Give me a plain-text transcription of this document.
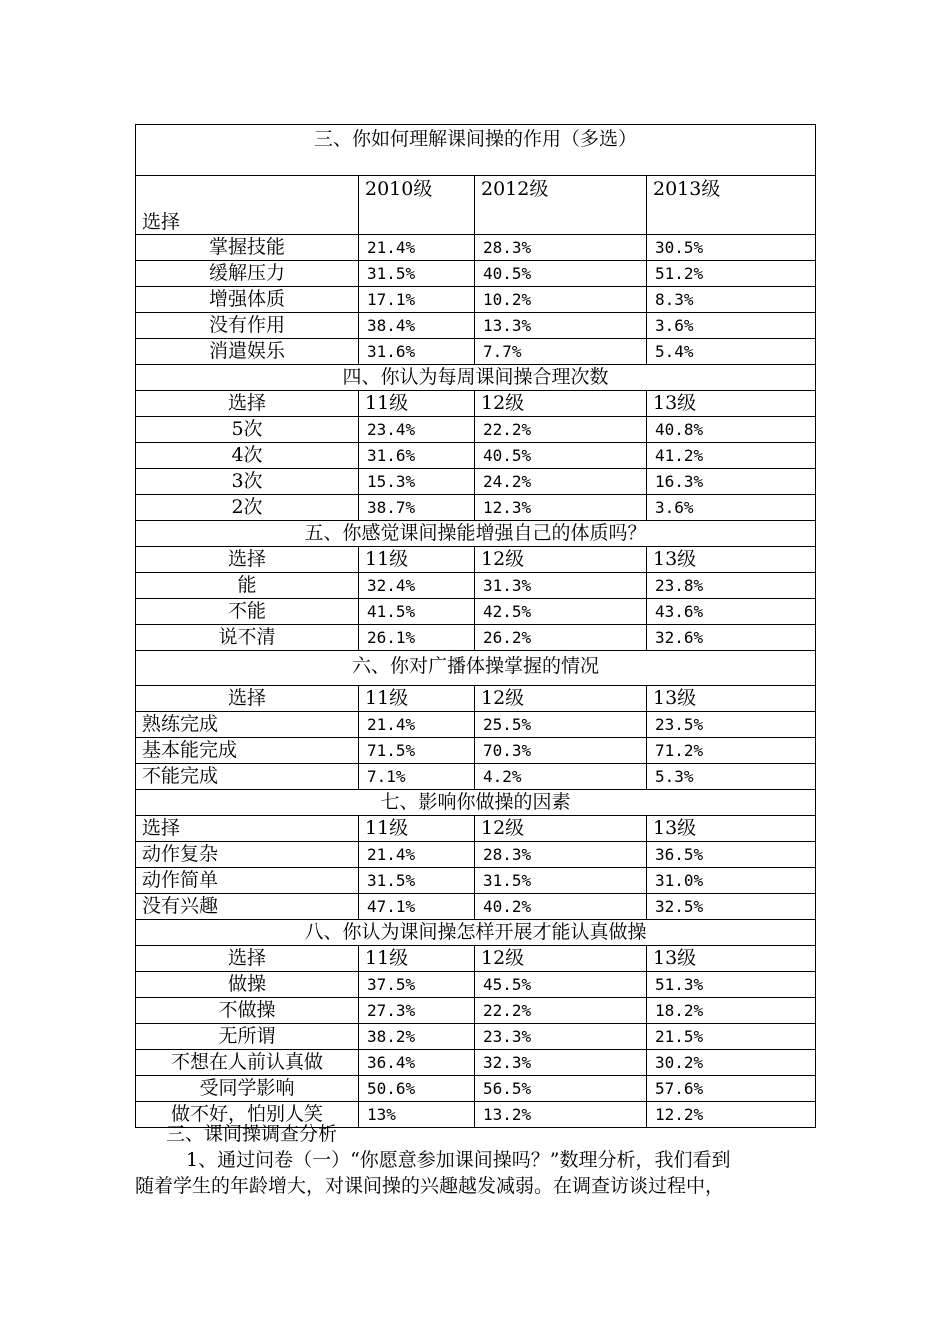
三、你如何理解课间操的作用（多选）			
选择	2010级	2012级	2013级
掌握技能	21.4%	28.3%	30.5%
缓解压力	31.5%	40.5%	51.2%
增强体质	17.1%	10.2%	8.3%
没有作用	38.4%	13.3%	3.6%
消遣娱乐	31.6%	7.7%	5.4%
四、你认为每周课间操合理次数			
选择	11级	12级	13级
5次	23.4%	22.2%	40.8%
4次	31.6%	40.5%	41.2%
3次	15.3%	24.2%	16.3%
2次	38.7%	12.3%	3.6%
五、你感觉课间操能增强自己的体质吗？			
选择	11级	12级	13级
能	32.4%	31.3%	23.8%
不能	41.5%	42.5%	43.6%
说不清	26.1%	26.2%	32.6%
六、你对广播体操掌握的情况			
选择	11级	12级	13级
熟练完成	21.4%	25.5%	23.5%
基本能完成	71.5%	70.3%	71.2%
不能完成	7.1%	4.2%	5.3%
七、影响你做操的因素			
选择	11级	12级	13级
动作复杂	21.4%	28.3%	36.5%
动作简单	31.5%	31.5%	31.0%
没有兴趣	47.1%	40.2%	32.5%
八、你认为课间操怎样开展才能认真做操			
选择	11级	12级	13级
做操	37.5%	45.5%	51.3%
不做操	27.3%	22.2%	18.2%
无所谓	38.2%	23.3%	21.5%
不想在人前认真做	36.4%	32.3%	30.2%
受同学影响	50.6%	56.5%	57.6%
做不好，怕别人笑	13%	13.2%	12.2%
三、课间操调查分析
1、通过问卷（一）“你愿意参加课间操吗？”数理分析，我们看到
随着学生的年龄增大，对课间操的兴趣越发减弱。在调查访谈过程中，
